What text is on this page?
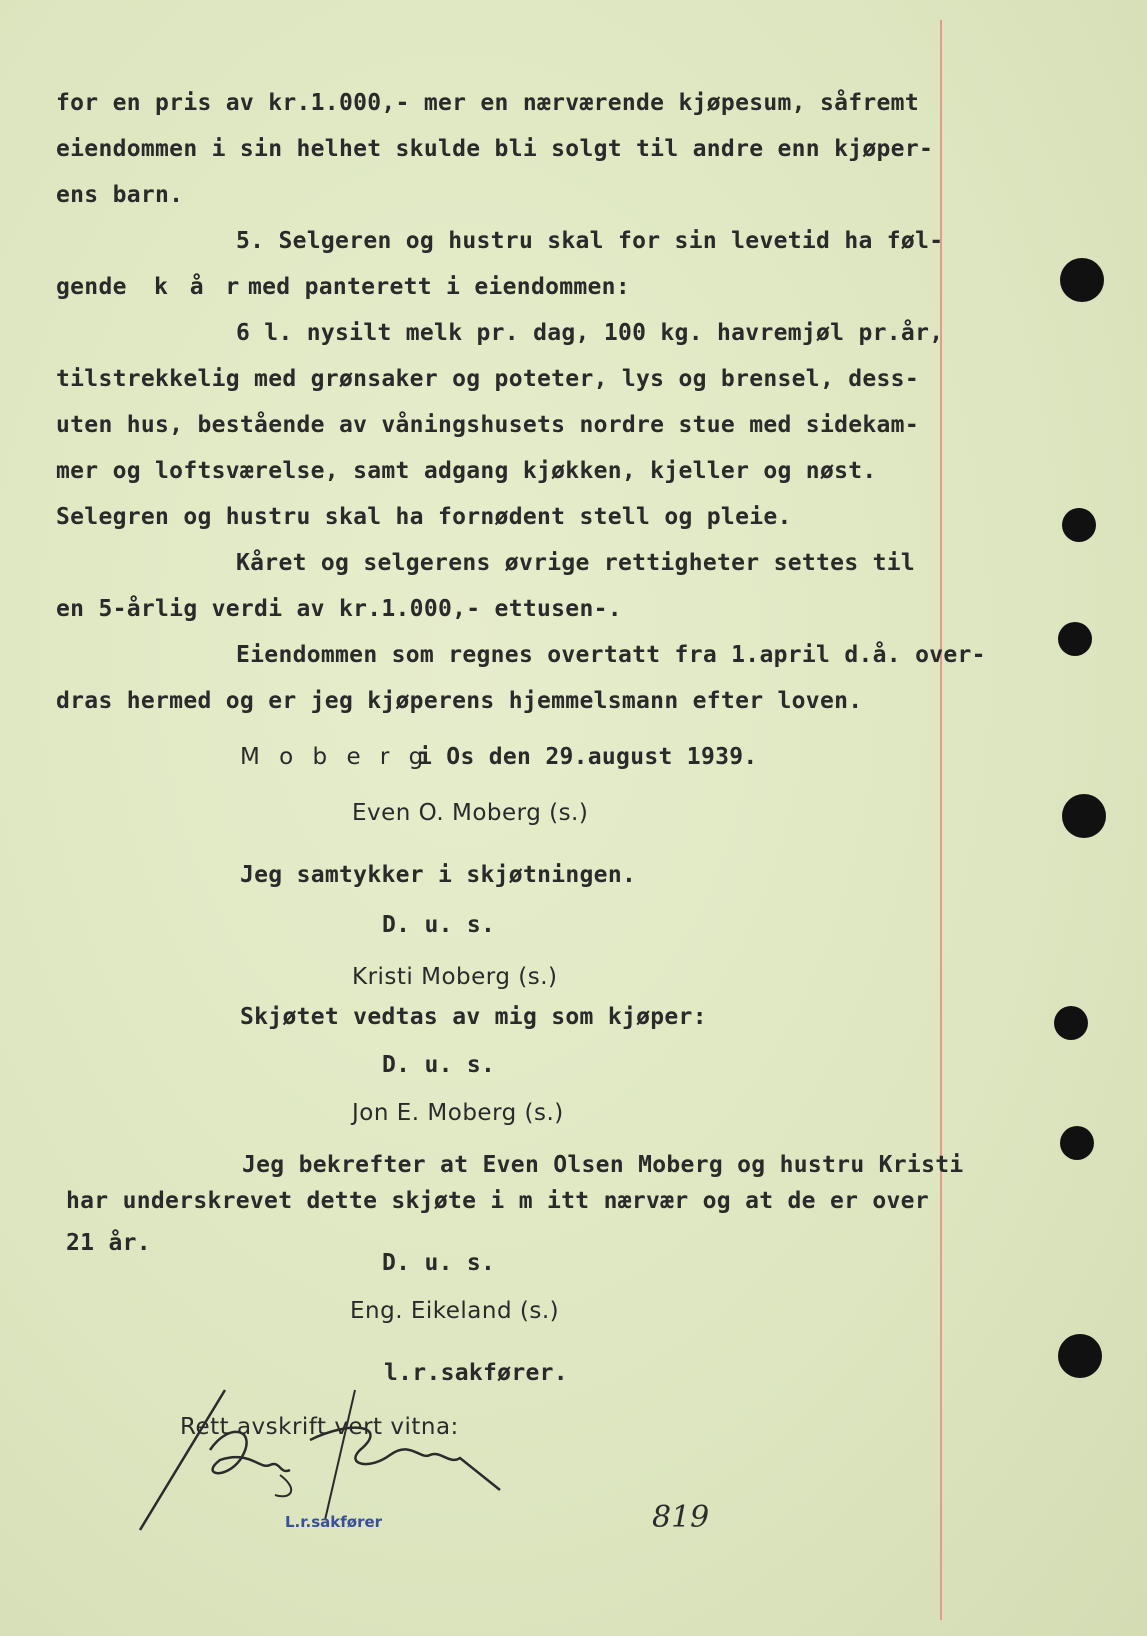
for en pris av kr.1.000,- mer en nærværende kjøpesum, såfremt
eiendommen i sin helhet skulde bli solgt til andre enn kjøper-
ens barn.
5. Selgeren og hustru skal for sin levetid ha føl-
gende k å r med panterett i eiendommen:
6 l. nysilt melk pr. dag, 100 kg. havremjøl pr.år,
tilstrekkelig med grønsaker og poteter, lys og brensel, dess-
uten hus, bestående av våningshusets nordre stue med sidekam-
mer og loftsværelse, samt adgang kjøkken, kjeller og nøst.
Selegren og hustru skal ha fornødent stell og pleie.
Kåret og selgerens øvrige rettigheter settes til
en 5-årlig verdi av kr.1.000,- ettusen-.
Eiendommen som regnes overtatt fra 1.april d.å. over-
dras hermed og er jeg kjøperens hjemmelsmann efter loven.
M o b e r g
i Os den 29.august 1939.
Even O. Moberg (s.)
Jeg samtykker i skjøtningen.
D. u. s.
Kristi Moberg (s.)
Skjøtet vedtas av mig som kjøper:
D. u. s.
Jon E. Moberg (s.)
Jeg bekrefter at Even Olsen Moberg og hustru Kristi
har underskrevet dette skjøte i m itt nærvær og at de er over
21 år.
D. u. s.
Eng. Eikeland (s.)
l.r.sakfører.
Rett avskrift vert vitna:
L.r.sakfører	819
